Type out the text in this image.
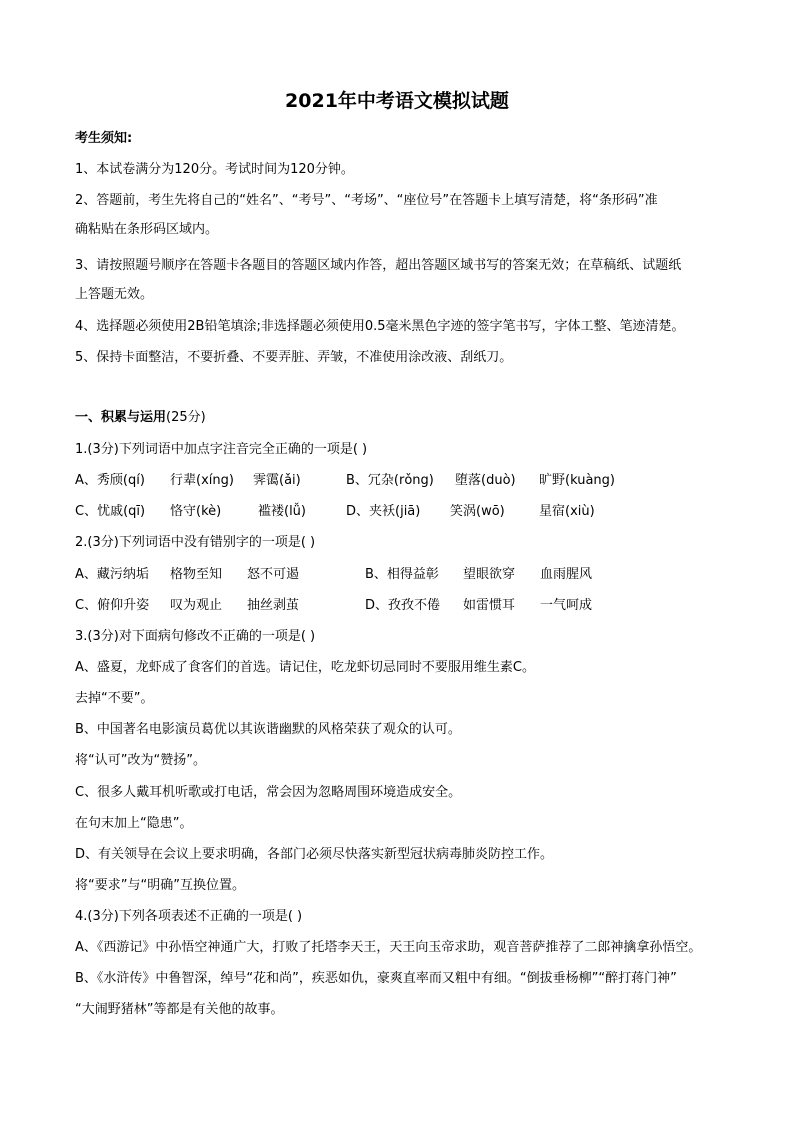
2021年中考语文模拟试题
考生须知:
1、本试卷满分为120分。考试时间为120分钟。
2、答题前，考生先将自己的“姓名”、“考号”、“考场”、“座位号”在答题卡上填写清楚，将“条形码”准
确粘贴在条形码区域内。
3、请按照题号顺序在答题卡各题目的答题区域内作答，超出答题区域书写的答案无效；在草稿纸、试题纸
上答题无效。
4、选择题必须使用2B铅笔填涂;非选择题必须使用0.5毫米黑色字迹的签字笔书写，字体工整、笔迹清楚。
5、保持卡面整洁，不要折叠、不要弄脏、弄皱，不准使用涂改液、刮纸刀。
一、积累与运用(25分)
1.(3分)下列词语中加点字注音完全正确的一项是( )
A、秀颀(qí) 行辈(xíng) 霁霭(ǎi)	B、冗杂(rǒng) 堕落(duò) 旷野(kuàng)
C、忧戚(qī) 恪守(kè)	褴褛(lǚ)	D、夹袄(jiā) 笑涡(wō)	星宿(xiù)
2.(3分)下列词语中没有错别字的一项是( )
A、藏污纳垢 格物至知 怒不可遏	B、相得益彰 望眼欲穿 血雨腥风
C、俯仰升姿 叹为观止 抽丝剥茧	D、孜孜不倦 如雷惯耳 一气呵成
3.(3分)对下面病句修改不正确的一项是( )
A、盛夏，龙虾成了食客们的首选。请记住，吃龙虾切忌同时不要服用维生素C。
去掉“不要”。
B、中国著名电影演员葛优以其诙谐幽默的风格荣获了观众的认可。
将“认可”改为“赞扬”。
C、很多人戴耳机听歌或打电话，常会因为忽略周围环境造成安全。
在句末加上“隐患”。
D、有关领导在会议上要求明确，各部门必须尽快落实新型冠状病毒肺炎防控工作。
将“要求”与“明确”互换位置。
4.(3分)下列各项表述不正确的一项是( )
A、《西游记》中孙悟空神通广大，打败了托塔李天王，天王向玉帝求助，观音菩萨推荐了二郎神擒拿孙悟空。
B、《水浒传》中鲁智深，绰号“花和尚”，疾恶如仇，豪爽直率而又粗中有细。“倒拔垂杨柳”“醉打蒋门神”
“大闹野猪林”等都是有关他的故事。
